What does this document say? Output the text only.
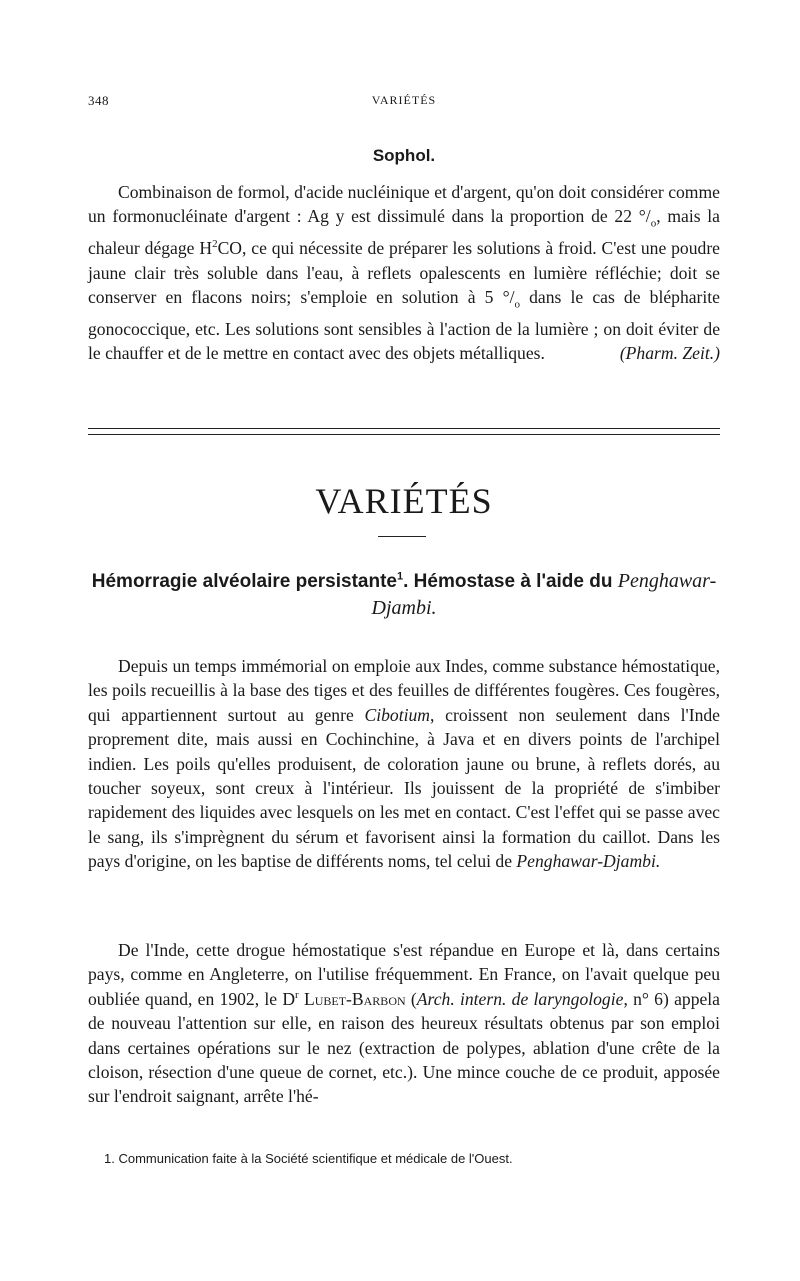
348	VARIÉTÉS
Sophol.
Combinaison de formol, d'acide nucléinique et d'argent, qu'on doit considérer comme un formonucléinate d'argent : Ag y est dissimulé dans la proportion de 22 $^\circ/_o$, mais la chaleur dégage $H^2CO$, ce qui nécessite de préparer les solutions à froid. C'est une poudre jaune clair très soluble dans l'eau, à reflets opalescents en lumière réfléchie; doit se conserver en flacons noirs; s'emploie en solution à 5 $^\circ/_o$ dans le cas de blépharite gonococcique, etc. Les solutions sont sensibles à l'action de la lumière ; on doit éviter de le chauffer et de le mettre en contact avec des objets métalliques.	(Pharm. Zeit.)
VARIÉTÉS
Hémorragie alvéolaire persistante$^1$. Hémostase à l'aide du Penghawar-Djambi.
Depuis un temps immémorial on emploie aux Indes, comme substance hémostatique, les poils recueillis à la base des tiges et des feuilles de différentes fougères. Ces fougères, qui appartiennent surtout au genre Cibotium, croissent non seulement dans l'Inde proprement dite, mais aussi en Cochinchine, à Java et en divers points de l'archipel indien. Les poils qu'elles produisent, de coloration jaune ou brune, à reflets dorés, au toucher soyeux, sont creux à l'intérieur. Ils jouissent de la propriété de s'imbiber rapidement des liquides avec lesquels on les met en contact. C'est l'effet qui se passe avec le sang, ils s'imprègnent du sérum et favorisent ainsi la formation du caillot. Dans les pays d'origine, on les baptise de différents noms, tel celui de Penghawar-Djambi.
De l'Inde, cette drogue hémostatique s'est répandue en Europe et là, dans certains pays, comme en Angleterre, on l'utilise fréquemment. En France, on l'avait quelque peu oubliée quand, en 1902, le $D^r$ Lubet-Barbon (Arch. intern. de laryngologie, n° 6) appela de nouveau l'attention sur elle, en raison des heureux résultats obtenus par son emploi dans certaines opérations sur le nez (extraction de polypes, ablation d'une crête de la cloison, résection d'une queue de cornet, etc.). Une mince couche de ce produit, apposée sur l'endroit saignant, arrête l'hé-
1. Communication faite à la Société scientifique et médicale de l'Ouest.
